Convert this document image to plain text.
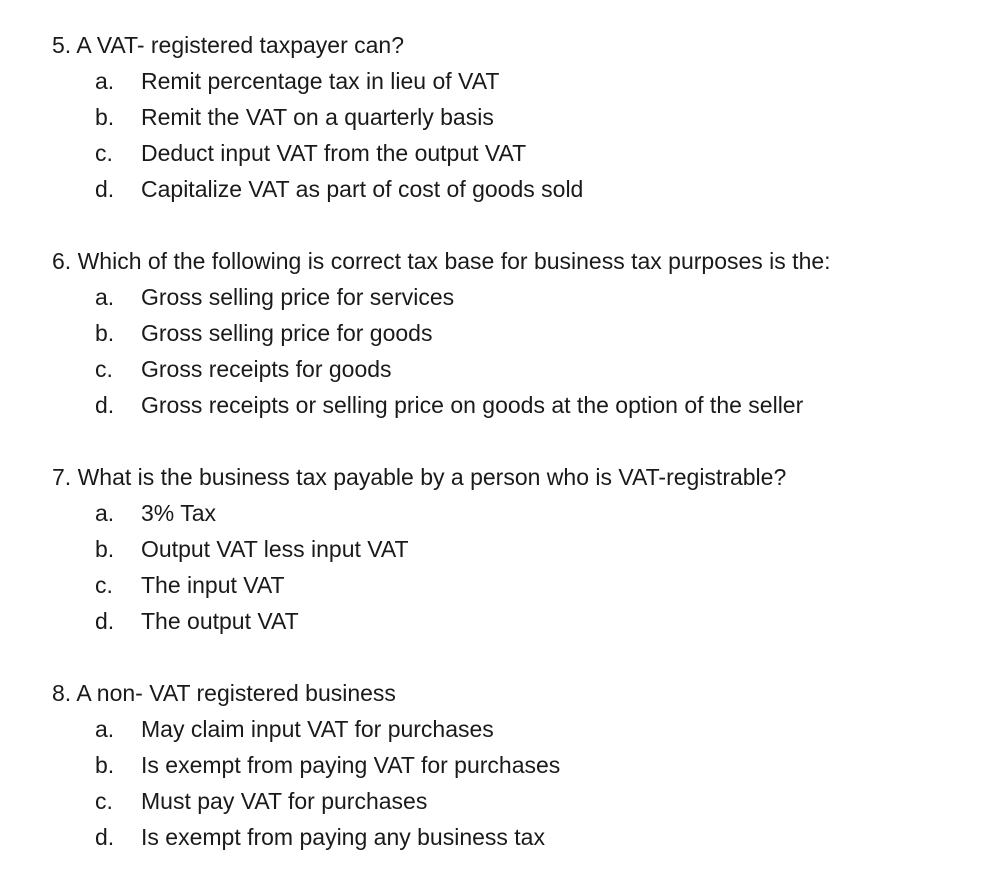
5. A VAT- registered taxpayer can?
a. Remit percentage tax in lieu of VAT
b. Remit the VAT on a quarterly basis
c. Deduct input VAT from the output VAT
d. Capitalize VAT as part of cost of goods sold
6. Which of the following is correct tax base for business tax purposes is the:
a. Gross selling price for services
b. Gross selling price for goods
c. Gross receipts for goods
d. Gross receipts or selling price on goods at the option of the seller
7. What is the business tax payable by a person who is VAT-registrable?
a. 3% Tax
b. Output VAT less input VAT
c. The input VAT
d. The output VAT
8. A non- VAT registered business
a. May claim input VAT for purchases
b. Is exempt from paying VAT for purchases
c. Must pay VAT for purchases
d. Is exempt from paying any business tax
